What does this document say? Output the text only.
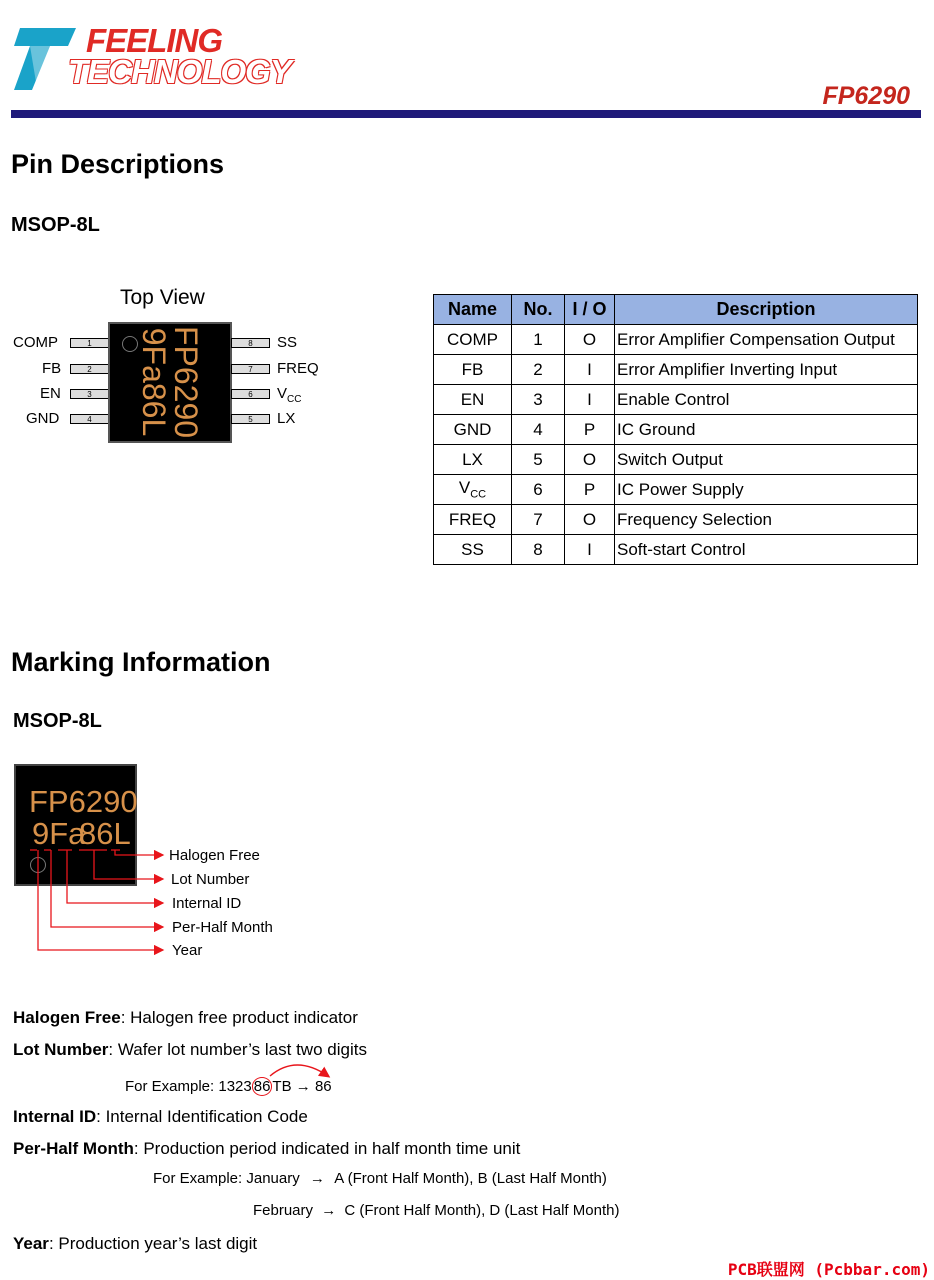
FEELING
TECHNOLOGY
FP6290
Pin Descriptions
MSOP-8L
Top View
COMP	1
FB	2
EN	3
GND	4 FP6290
9Fa86L	8 SS
7 FREQ
6 $V_{CC}$
5 LX
Name	No.	I / O	Description
COMP	1	O	Error Amplifier Compensation Output
FB	2	I	Error Amplifier Inverting Input
EN	3	I	Enable Control
GND	4	P	IC Ground
LX	5	O	Switch Output
$V_{CC}$	6	P	IC Power Supply
FREQ	7	O	Frequency Selection
SS	8	I	Soft-start Control
Marking Information
MSOP-8L
FP6290
9Fa
86L
Halogen Free
Lot Number
Internal ID
Per-Half Month
Year
Halogen Free: Halogen free product indicator
Lot Number: Wafer lot number’s last two digits
For Example: 1323 86 TB → 86
Internal ID: Internal Identification Code
Per-Half Month: Production period indicated in half month time unit
For Example: January → A (Front Half Month), B (Last Half Month)
February → C (Front Half Month), D (Last Half Month)
Year: Production year’s last digit
PCB联盟网 (Pcbbar.com)
